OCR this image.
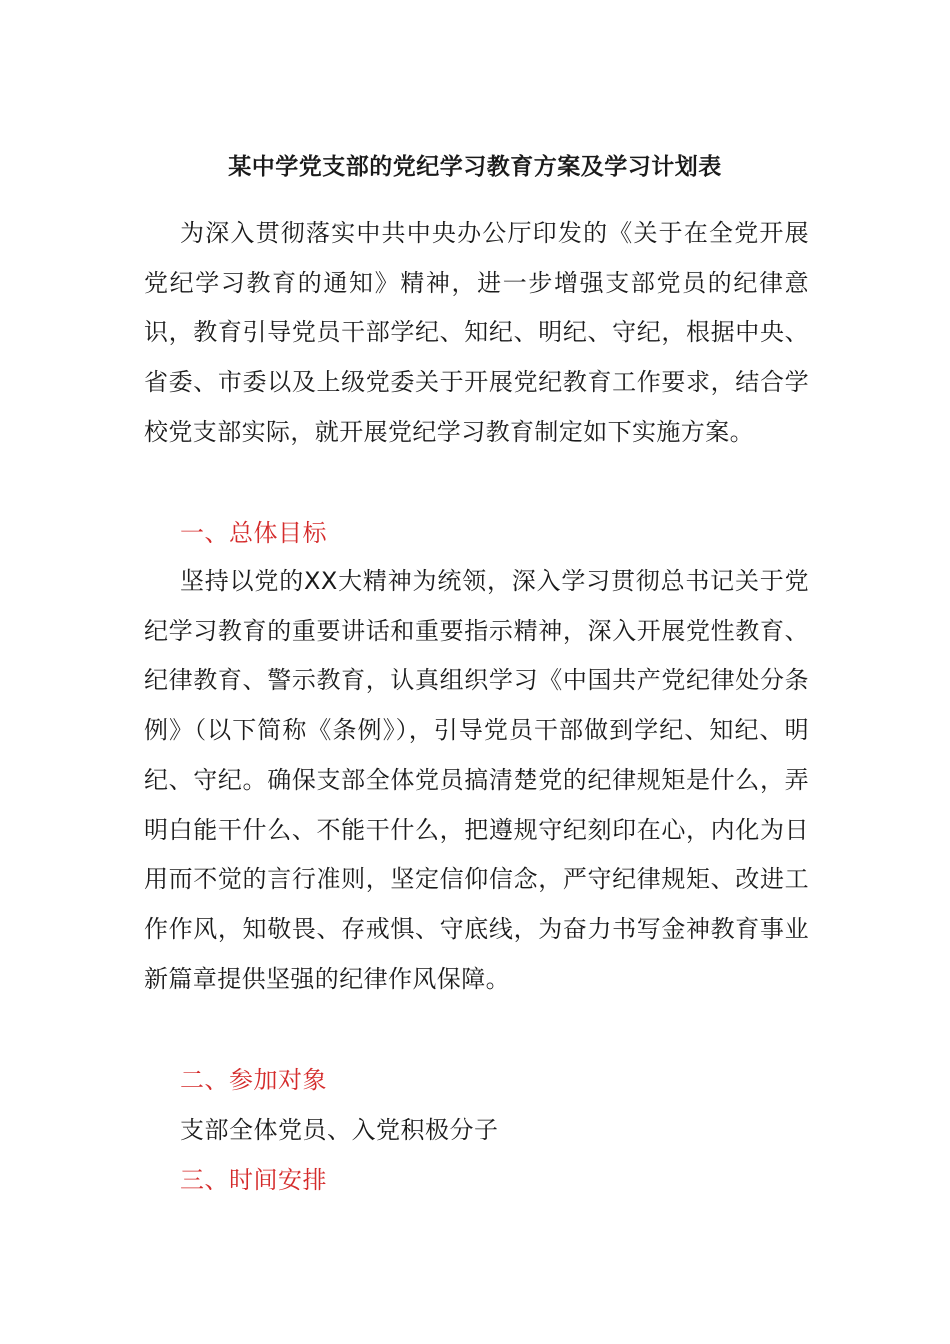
某中学党支部的党纪学习教育方案及学习计划表

为深入贯彻落实中共中央办公厅印发的《关于在全党开展党纪学习教育的通知》精神，进一步增强支部党员的纪律意识，教育引导党员干部学纪、知纪、明纪、守纪，根据中央、省委、市委以及上级党委关于开展党纪教育工作要求，结合学校党支部实际，就开展党纪学习教育制定如下实施方案。

一、总体目标

坚持以党的XX大精神为统领，深入学习贯彻总书记关于党纪学习教育的重要讲话和重要指示精神，深入开展党性教育、纪律教育、警示教育，认真组织学习《中国共产党纪律处分条例》（以下简称《条例》），引导党员干部做到学纪、知纪、明纪、守纪。确保支部全体党员搞清楚党的纪律规矩是什么，弄明白能干什么、不能干什么，把遵规守纪刻印在心，内化为日用而不觉的言行准则，坚定信仰信念，严守纪律规矩、改进工作作风，知敬畏、存戒惧、守底线，为奋力书写金神教育事业新篇章提供坚强的纪律作风保障。

二、参加对象

支部全体党员、入党积极分子

三、时间安排
